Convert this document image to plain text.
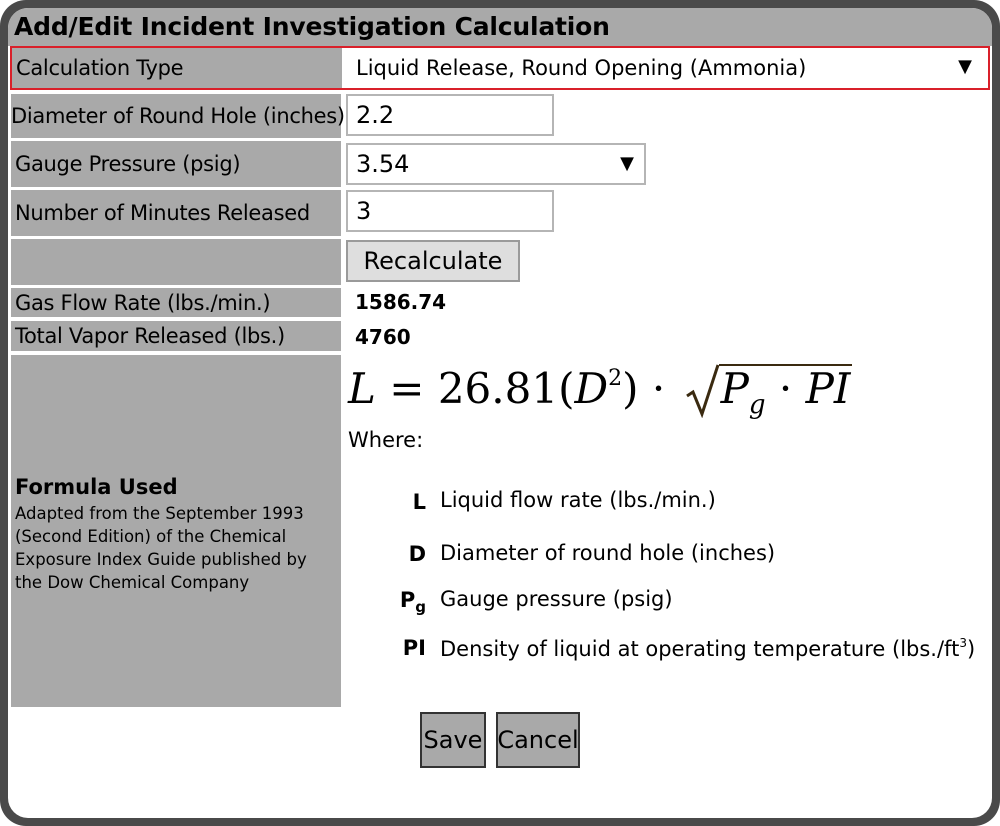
Add/Edit Incident Investigation Calculation
Calculation Type	Liquid Release, Round Opening (Ammonia)	▼
Diameter of Round Hole (inches) 2.2
Gauge Pressure (psig)	3.54	▼
Number of Minutes Released	3
Recalculate
Gas Flow Rate (lbs./min.)	1586.74
Total Vapor Released (lbs.)	4760
Formula Used
Adapted from the September 1993 (Second Edition) of the Chemical Exposure Index Guide published by the Dow Chemical Company
$L = 26.81(D^2) \cdot P_g$ · PI
Where:
L Liquid flow rate (lbs./min.)
D Diameter of round hole (inches)
$P_g$ Gauge pressure (psig)
PI Density of liquid at operating temperature $(lbs./ft^3)$
Save Cancel
